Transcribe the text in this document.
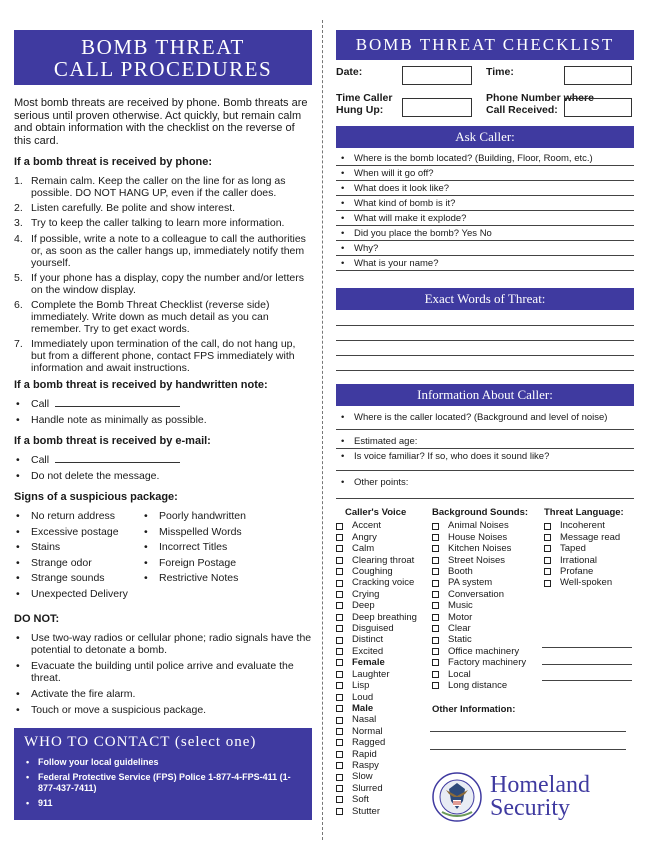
BOMB THREAT
CALL PROCEDURES

Most bomb threats are received by phone. Bomb threats are serious until proven otherwise. Act quickly, but remain calm and obtain information with the checklist on the reverse of this card.

If a bomb threat is received by phone:
1. Remain calm. Keep the caller on the line for as long as possible. DO NOT HANG UP, even if the caller does.
2. Listen carefully. Be polite and show interest.
3. Try to keep the caller talking to learn more information.
4. If possible, write a note to a colleague to call the authorities or, as soon as the caller hangs up, immediately notify them yourself.
5. If your phone has a display, copy the number and/or letters on the window display.
6. Complete the Bomb Threat Checklist (reverse side) immediately. Write down as much detail as you can remember. Try to get exact words.
7. Immediately upon termination of the call, do not hang up, but from a different phone, contact FPS immediately with information and await instructions.
If a bomb threat is received by handwritten note:
• Call
• Handle note as minimally as possible.
If a bomb threat is received by e-mail:
• Call
• Do not delete the message.
Signs of a suspicious package:
• No return address
• Excessive postage
• Stains
• Strange odor
• Strange sounds
• Unexpected Delivery
• Poorly handwritten
• Misspelled Words
• Incorrect Titles
• Foreign Postage
• Restrictive Notes
DO NOT:
• Use two-way radios or cellular phone; radio signals have the potential to detonate a bomb.
• Evacuate the building until police arrive and evaluate the threat.
• Activate the fire alarm.
• Touch or move a suspicious package.
WHO TO CONTACT (select one)
• Follow your local guidelines
• Federal Protective Service (FPS) Police 1-877-4-FPS-411 (1-877-437-7411)
• 911
BOMB THREAT CHECKLIST
Date:	Time:
Time Caller
Hung Up:
Phone Number where
Call Received:
Ask Caller:
• Where is the bomb located? (Building, Floor, Room, etc.)
• When will it go off?
• What does it look like?
• What kind of bomb is it?
• What will make it explode?
• Did you place the bomb? Yes No
• Why?
• What is your name?
Exact Words of Threat:
Information About Caller:
• Where is the caller located? (Background and level of noise)
• Estimated age:
• Is voice familiar? If so, who does it sound like?
• Other points:
Caller's Voice
Accent
Angry
Calm
Clearing throat
Coughing
Cracking voice
Crying
Deep
Deep breathing
Disguised
Distinct
Excited
Female
Laughter
Lisp
Loud
Male
Nasal
Normal
Ragged
Rapid
Raspy
Slow
Slurred
Soft
Stutter
Background Sounds:
Animal Noises
House Noises
Kitchen Noises
Street Noises
Booth
PA system
Conversation
Music
Motor
Clear
Static
Office machinery
Factory machinery
Local
Long distance
Other Information:
Threat Language:
Incoherent
Message read
Taped
Irrational
Profane
Well-spoken
Homeland
Security
